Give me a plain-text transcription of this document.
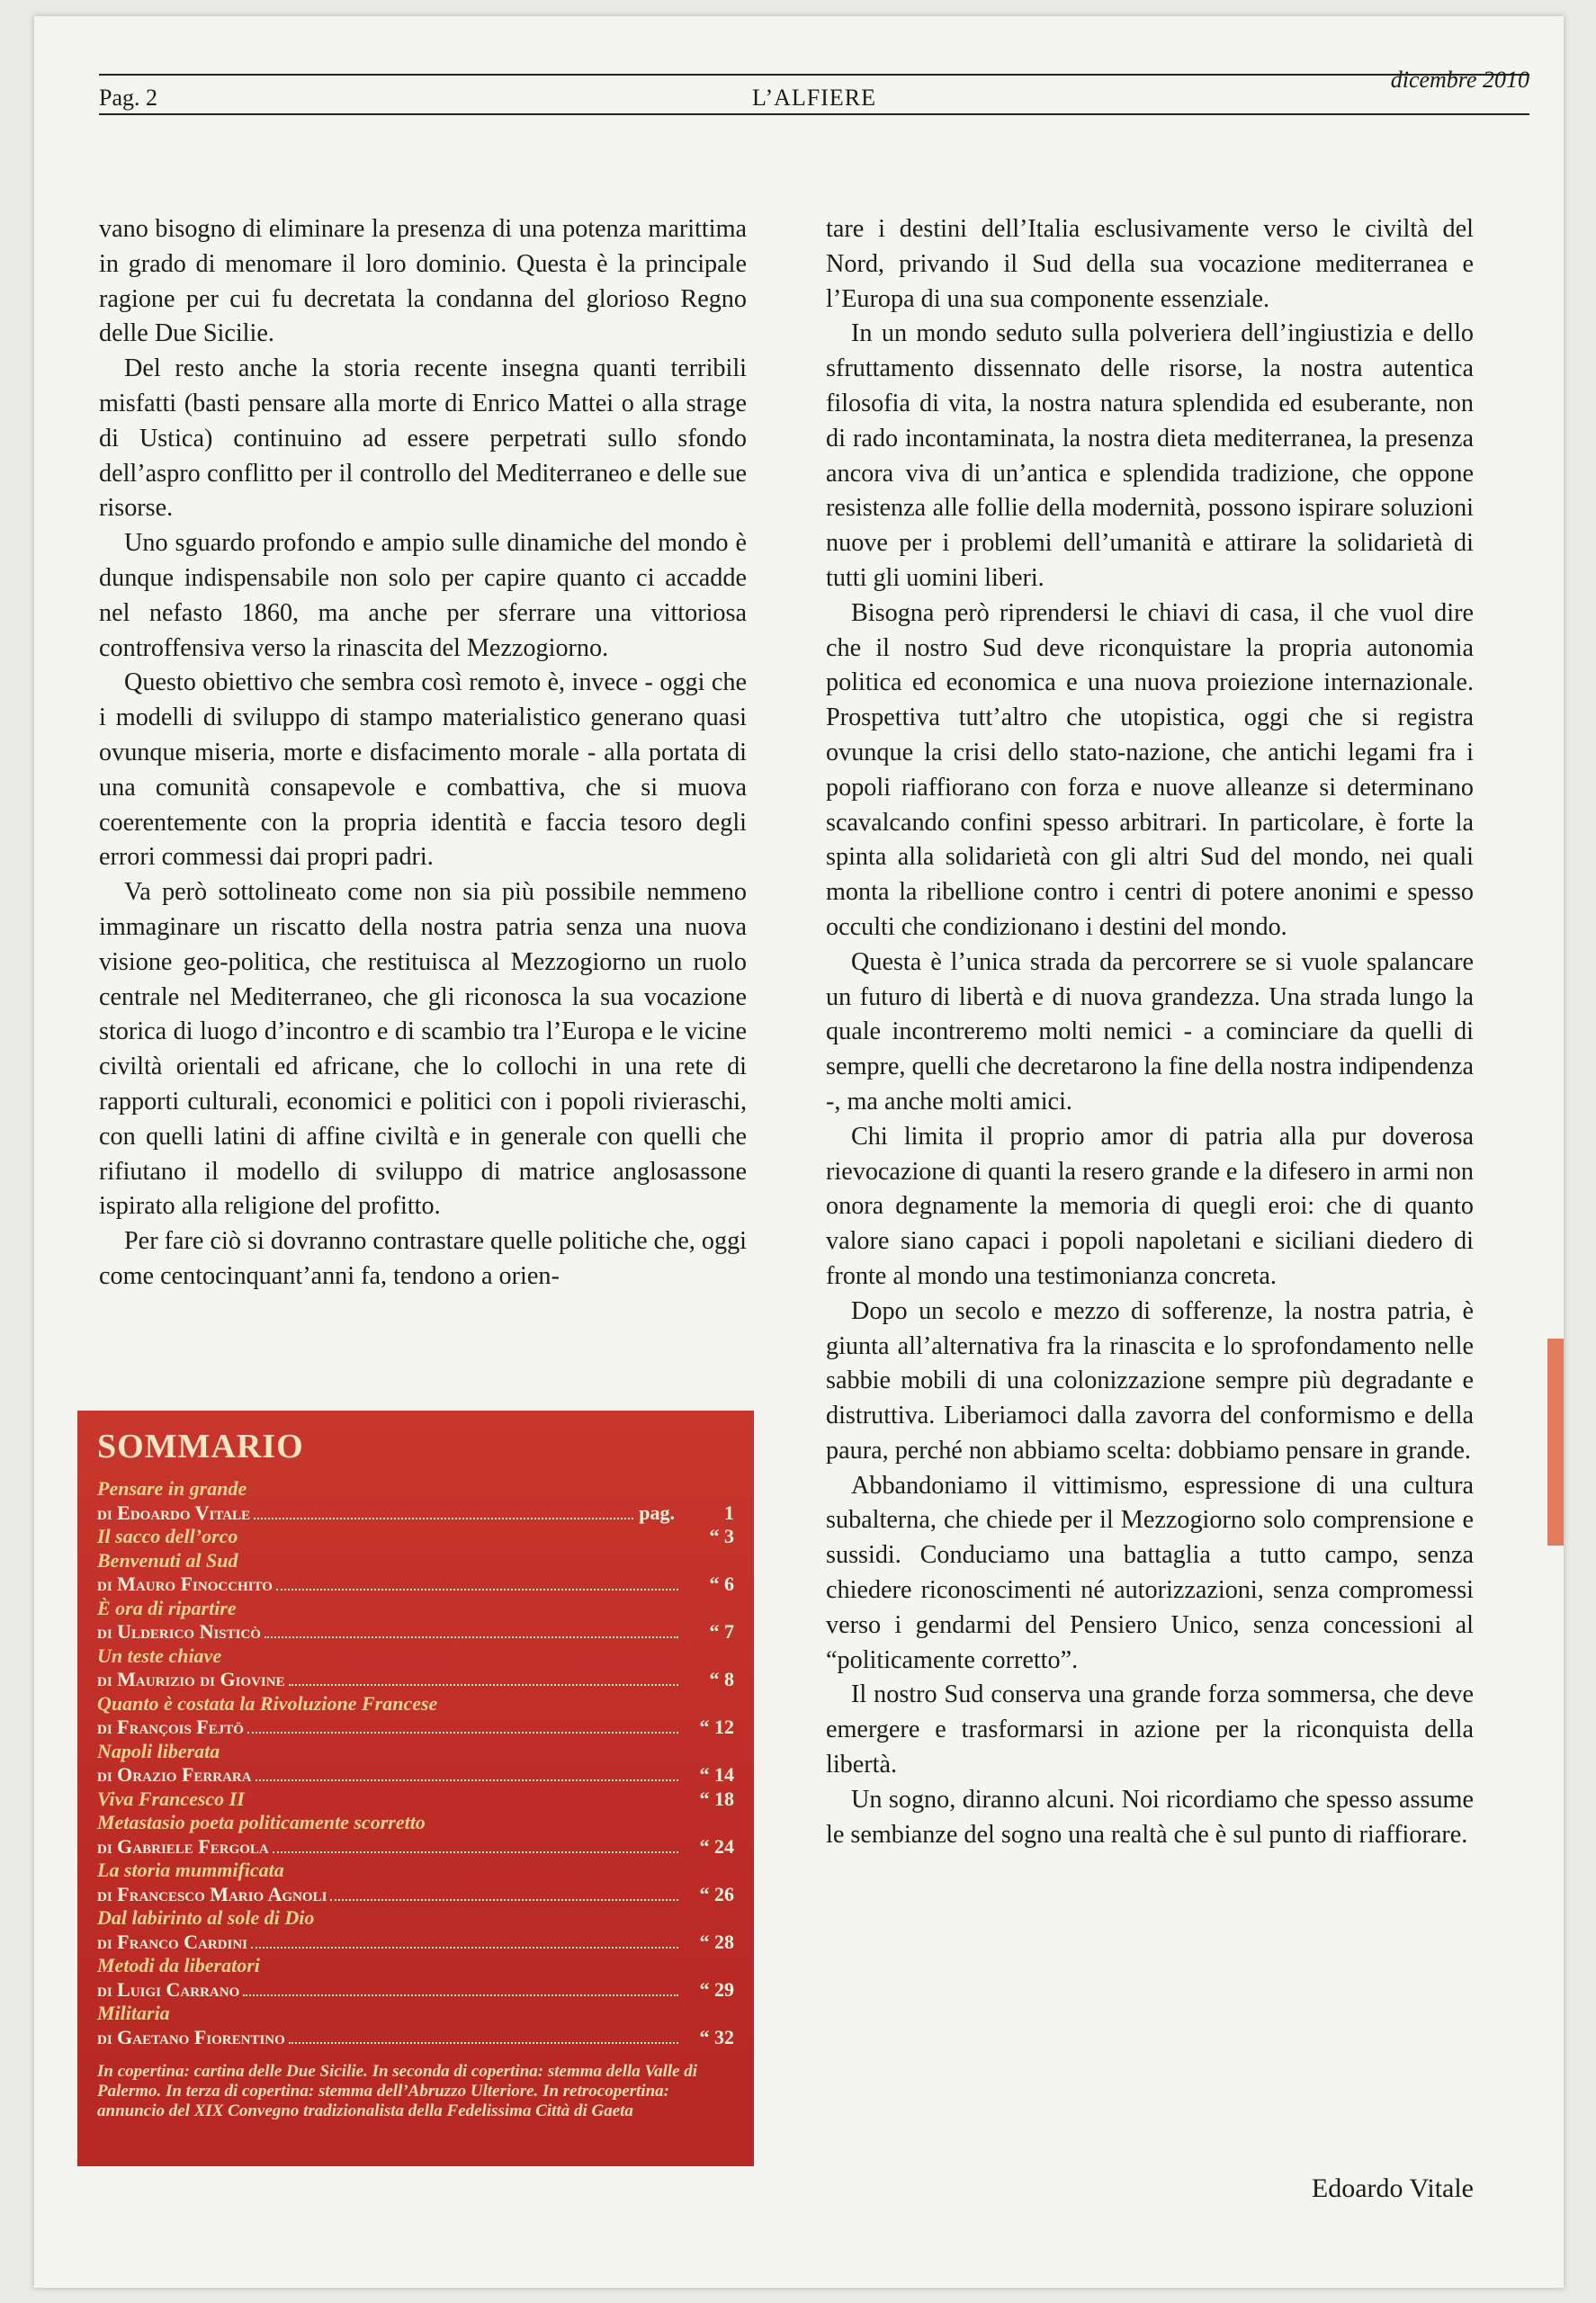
Pag. 2	L’ALFIERE
dicembre 2010

vano bisogno di eliminare la presenza di una potenza marittima in grado di menomare il loro dominio. Questa è la principale ragione per cui fu decretata la condanna del glorioso Regno delle Due Sicilie.

Del resto anche la storia recente insegna quanti terribili misfatti (basti pensare alla morte di Enrico Mattei o alla strage di Ustica) continuino ad essere perpetrati sullo sfondo dell’aspro conflitto per il controllo del Mediterraneo e delle sue risorse.

Uno sguardo profondo e ampio sulle dinamiche del mondo è dunque indispensabile non solo per capire quanto ci accadde nel nefasto 1860, ma anche per sferrare una vittoriosa controffensiva verso la rinascita del Mezzogiorno.

Questo obiettivo che sembra così remoto è, invece - oggi che i modelli di sviluppo di stampo materialistico generano quasi ovunque miseria, morte e disfacimento morale - alla portata di una comunità consapevole e combattiva, che si muova coerentemente con la propria identità e faccia tesoro degli errori commessi dai propri padri.

Va però sottolineato come non sia più possibile nemmeno immaginare un riscatto della nostra patria senza una nuova visione geo-politica, che restituisca al Mezzogiorno un ruolo centrale nel Mediterraneo, che gli riconosca la sua vocazione storica di luogo d’incontro e di scambio tra l’Europa e le vicine civiltà orientali ed africane, che lo collochi in una rete di rapporti culturali, economici e politici con i popoli rivieraschi, con quelli latini di affine civiltà e in generale con quelli che rifiutano il modello di sviluppo di matrice anglosassone ispirato alla religione del profitto.

Per fare ciò si dovranno contrastare quelle politiche che, oggi come centocinquant’anni fa, tendono a orien-

tare i destini dell’Italia esclusivamente verso le civiltà del Nord, privando il Sud della sua vocazione mediterranea e l’Europa di una sua componente essenziale.

In un mondo seduto sulla polveriera dell’ingiustizia e dello sfruttamento dissennato delle risorse, la nostra autentica filosofia di vita, la nostra natura splendida ed esuberante, non di rado incontaminata, la nostra dieta mediterranea, la presenza ancora viva di un’antica e splendida tradizione, che oppone resistenza alle follie della modernità, possono ispirare soluzioni nuove per i problemi dell’umanità e attirare la solidarietà di tutti gli uomini liberi.

Bisogna però riprendersi le chiavi di casa, il che vuol dire che il nostro Sud deve riconquistare la propria autonomia politica ed economica e una nuova proiezione internazionale. Prospettiva tutt’altro che utopistica, oggi che si registra ovunque la crisi dello stato-nazione, che antichi legami fra i popoli riaffiorano con forza e nuove alleanze si determinano scavalcando confini spesso arbitrari. In particolare, è forte la spinta alla solidarietà con gli altri Sud del mondo, nei quali monta la ribellione contro i centri di potere anonimi e spesso occulti che condizionano i destini del mondo.

Questa è l’unica strada da percorrere se si vuole spalancare un futuro di libertà e di nuova grandezza. Una strada lungo la quale incontreremo molti nemici - a cominciare da quelli di sempre, quelli che decretarono la fine della nostra indipendenza -, ma anche molti amici.

Chi limita il proprio amor di patria alla pur doverosa rievocazione di quanti la resero grande e la difesero in armi non onora degnamente la memoria di quegli eroi: che di quanto valore siano capaci i popoli napoletani e siciliani diedero di fronte al mondo una testimonianza concreta.

Dopo un secolo e mezzo di sofferenze, la nostra patria, è giunta all’alternativa fra la rinascita e lo sprofondamento nelle sabbie mobili di una colonizzazione sempre più degradante e distruttiva. Liberiamoci dalla zavorra del conformismo e della paura, perché non abbiamo scelta: dobbiamo pensare in grande.

Abbandoniamo il vittimismo, espressione di una cultura subalterna, che chiede per il Mezzogiorno solo comprensione e sussidi. Conduciamo una battaglia a tutto campo, senza chiedere riconoscimenti né autorizzazioni, senza compromessi verso i gendarmi del Pensiero Unico, senza concessioni al “politicamente corretto”.

Il nostro Sud conserva una grande forza sommersa, che deve emergere e trasformarsi in azione per la riconquista della libertà.

Un sogno, diranno alcuni. Noi ricordiamo che spesso assume le sembianze del sogno una realtà che è sul punto di riaffiorare.

Edoardo Vitale
SOMMARIO
Pensare in grande
di Edoardo Vitale	pag.	1
Il sacco dell’orco	“ 3
Benvenuti al Sud
di Mauro Finocchito	“ 6
È ora di ripartire
di Ulderico Nisticò	“ 7
Un teste chiave
di Maurizio di Giovine	“ 8
Quanto è costata la Rivoluzione Francese
di François Fejtö	“ 12
Napoli liberata
di Orazio Ferrara	“ 14
Viva Francesco II	“ 18
Metastasio poeta politicamente scorretto
di Gabriele Fergola	“ 24
La storia mummificata
di Francesco Mario Agnoli	“ 26
Dal labirinto al sole di Dio
di Franco Cardini	“ 28
Metodi da liberatori
di Luigi Carrano	“ 29
Militaria
di Gaetano Fiorentino	“ 32
In copertina: cartina delle Due Sicilie. In seconda di copertina: stemma della Valle di Palermo. In terza di copertina: stemma dell’Abruzzo Ulteriore. In retrocopertina: annuncio del XIX Convegno tradizionalista della Fedelissima Città di Gaeta
